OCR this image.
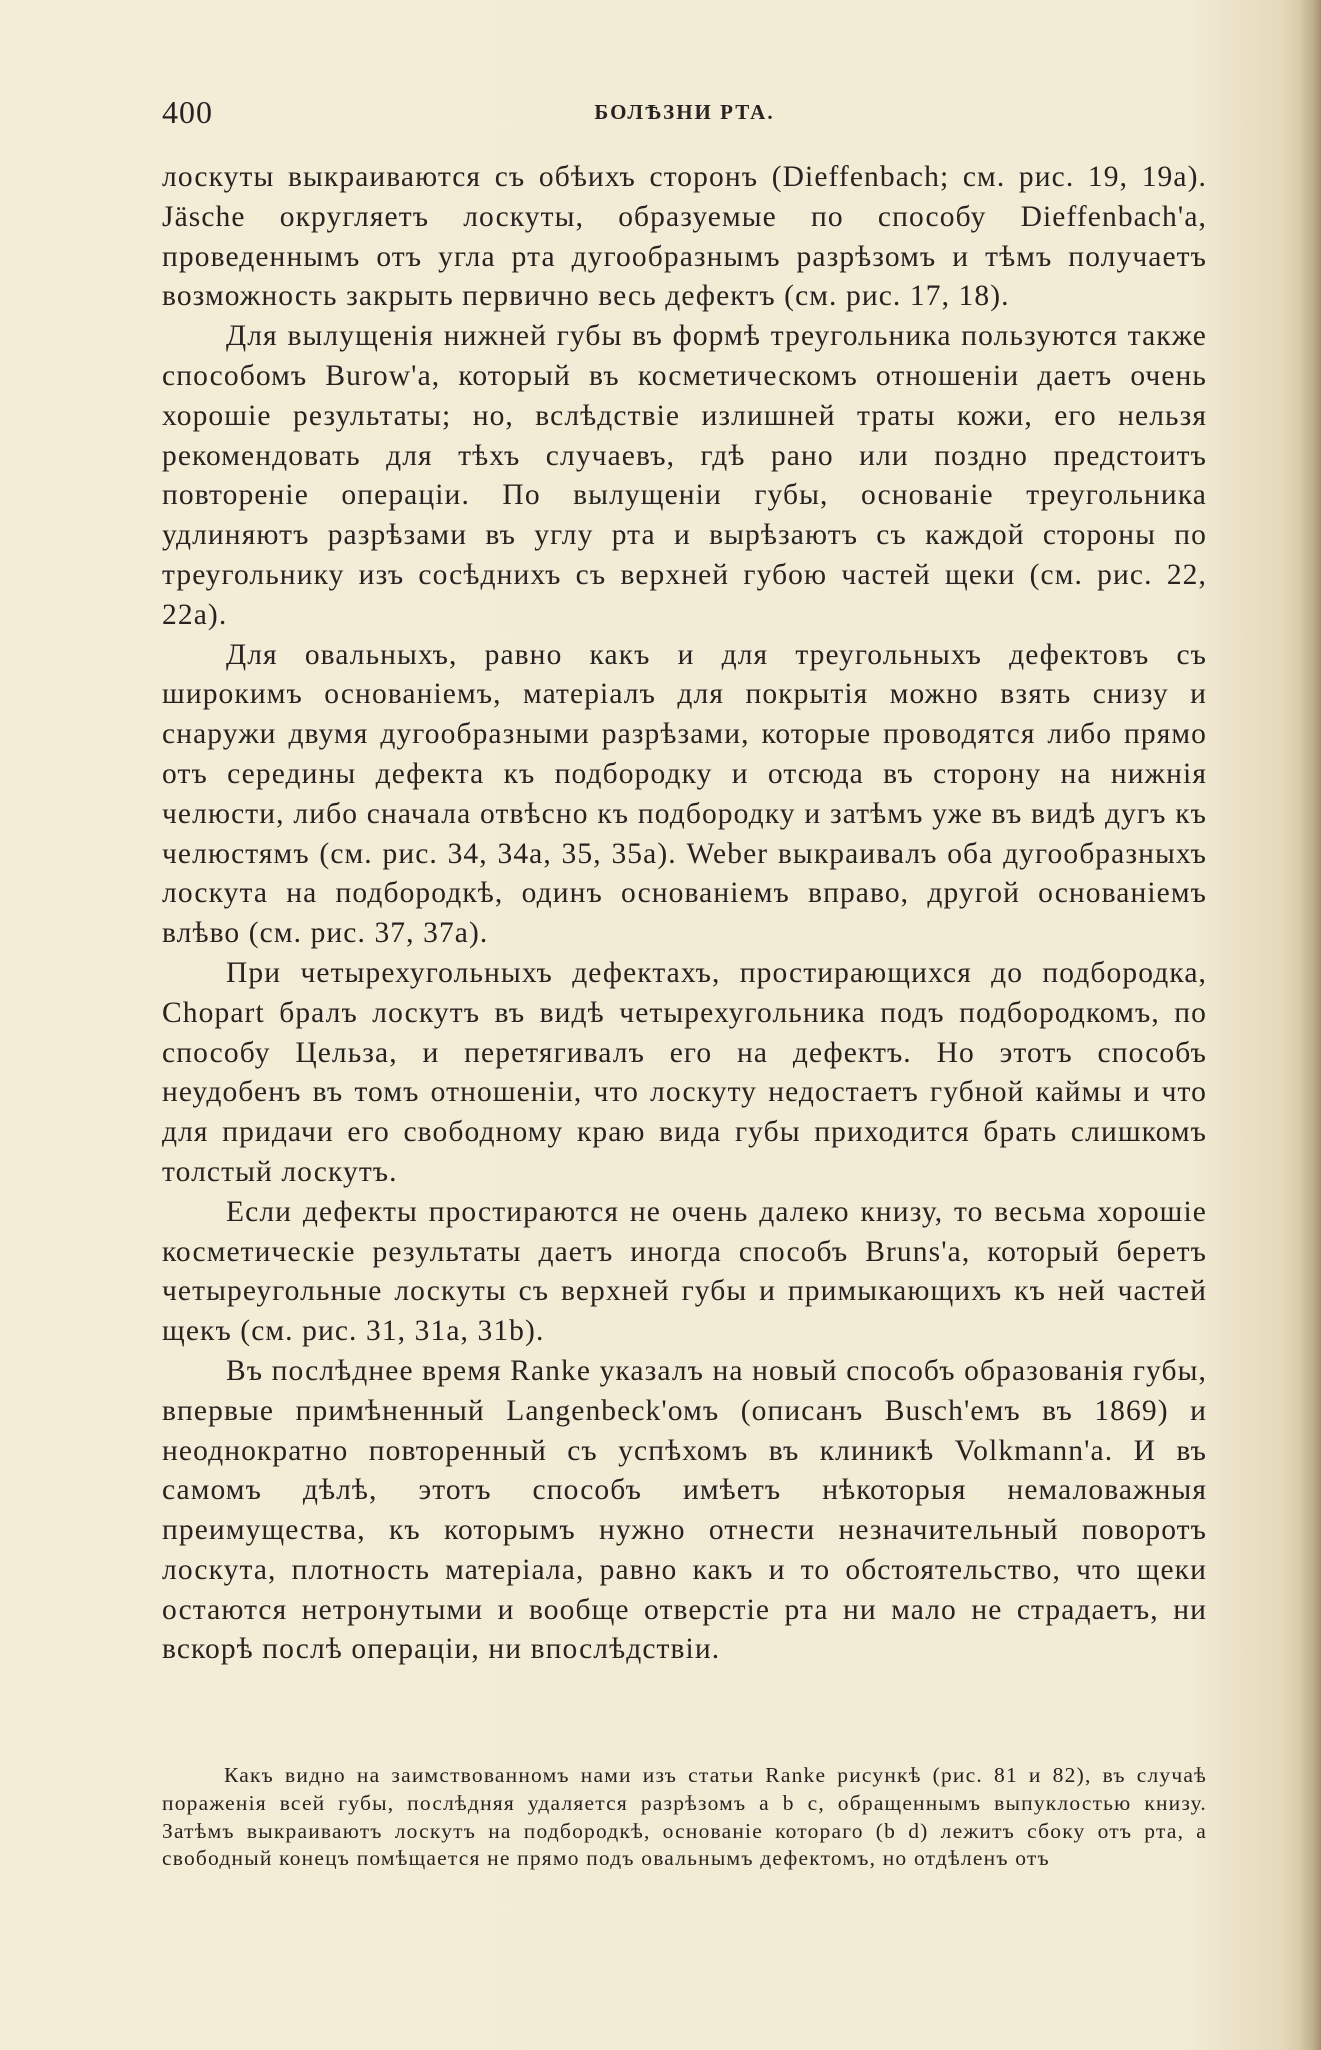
400	БОЛѢЗНИ РТА.

лоскуты выкраиваются съ обѣихъ сторонъ (Dieffenbach; см. рис. 19, 19a). Jäsche округляетъ лоскуты, образуемые по способу Dieffenbach'a, проведеннымъ отъ угла рта дугообразнымъ разрѣзомъ и тѣмъ получаетъ возможность закрыть первично весь дефектъ (см. рис. 17, 18).

Для вылущенія нижней губы въ формѣ треугольника пользуются также способомъ Burow'a, который въ косметическомъ отношеніи даетъ очень хорошіе результаты; но, вслѣдствіе излишней траты кожи, его нельзя рекомендовать для тѣхъ случаевъ, гдѣ рано или поздно предстоитъ повтореніе операціи. По вылущеніи губы, основаніе треугольника удлиняютъ разрѣзами въ углу рта и вырѣзаютъ съ каждой стороны по треугольнику изъ сосѣднихъ съ верхней губою частей щеки (см. рис. 22, 22a).

Для овальныхъ, равно какъ и для треугольныхъ дефектовъ съ широкимъ основаніемъ, матеріалъ для покрытія можно взять снизу и снаружи двумя дугообразными разрѣзами, которые проводятся либо прямо отъ середины дефекта къ подбородку и отсюда въ сторону на нижнія челюсти, либо сначала отвѣсно къ подбородку и затѣмъ уже въ видѣ дугъ къ челюстямъ (см. рис. 34, 34a, 35, 35a). Weber выкраивалъ оба дугообразныхъ лоскута на подбородкѣ, одинъ основаніемъ вправо, другой основаніемъ влѣво (см. рис. 37, 37a).

При четырехугольныхъ дефектахъ, простирающихся до подбородка, Chopart бралъ лоскутъ въ видѣ четырехугольника подъ подбородкомъ, по способу Цельза, и перетягивалъ его на дефектъ. Но этотъ способъ неудобенъ въ томъ отношеніи, что лоскуту недостаетъ губной каймы и что для придачи его свободному краю вида губы приходится брать слишкомъ толстый лоскутъ.

Если дефекты простираются не очень далеко книзу, то весьма хорошіе косметическіе результаты даетъ иногда способъ Bruns'a, который беретъ четыреугольные лоскуты съ верхней губы и примыкающихъ къ ней частей щекъ (см. рис. 31, 31a, 31b).

Въ послѣднее время Ranke указалъ на новый способъ образованія губы, впервые примѣненный Langenbeck'омъ (описанъ Busch'емъ въ 1869) и неоднократно повторенный съ успѣхомъ въ клиникѣ Volkmann'a. И въ самомъ дѣлѣ, этотъ способъ имѣетъ нѣкоторыя немаловажныя преимущества, къ которымъ нужно отнести незначительный поворотъ лоскута, плотность матеріала, равно какъ и то обстоятельство, что щеки остаются нетронутыми и вообще отверстіе рта ни мало не страдаетъ, ни вскорѣ послѣ операціи, ни впослѣдствіи.

Какъ видно на заимствованномъ нами изъ статьи Ranke рисункѣ (рис. 81 и 82), въ случаѣ пораженія всей губы, послѣдняя удаляется разрѣзомъ a b c, обращеннымъ выпуклостью книзу. Затѣмъ выкраиваютъ лоскутъ на подбородкѣ, основаніе котораго (b d) лежитъ сбоку отъ рта, а свободный конецъ помѣщается не прямо подъ овальнымъ дефектомъ, но отдѣленъ отъ
